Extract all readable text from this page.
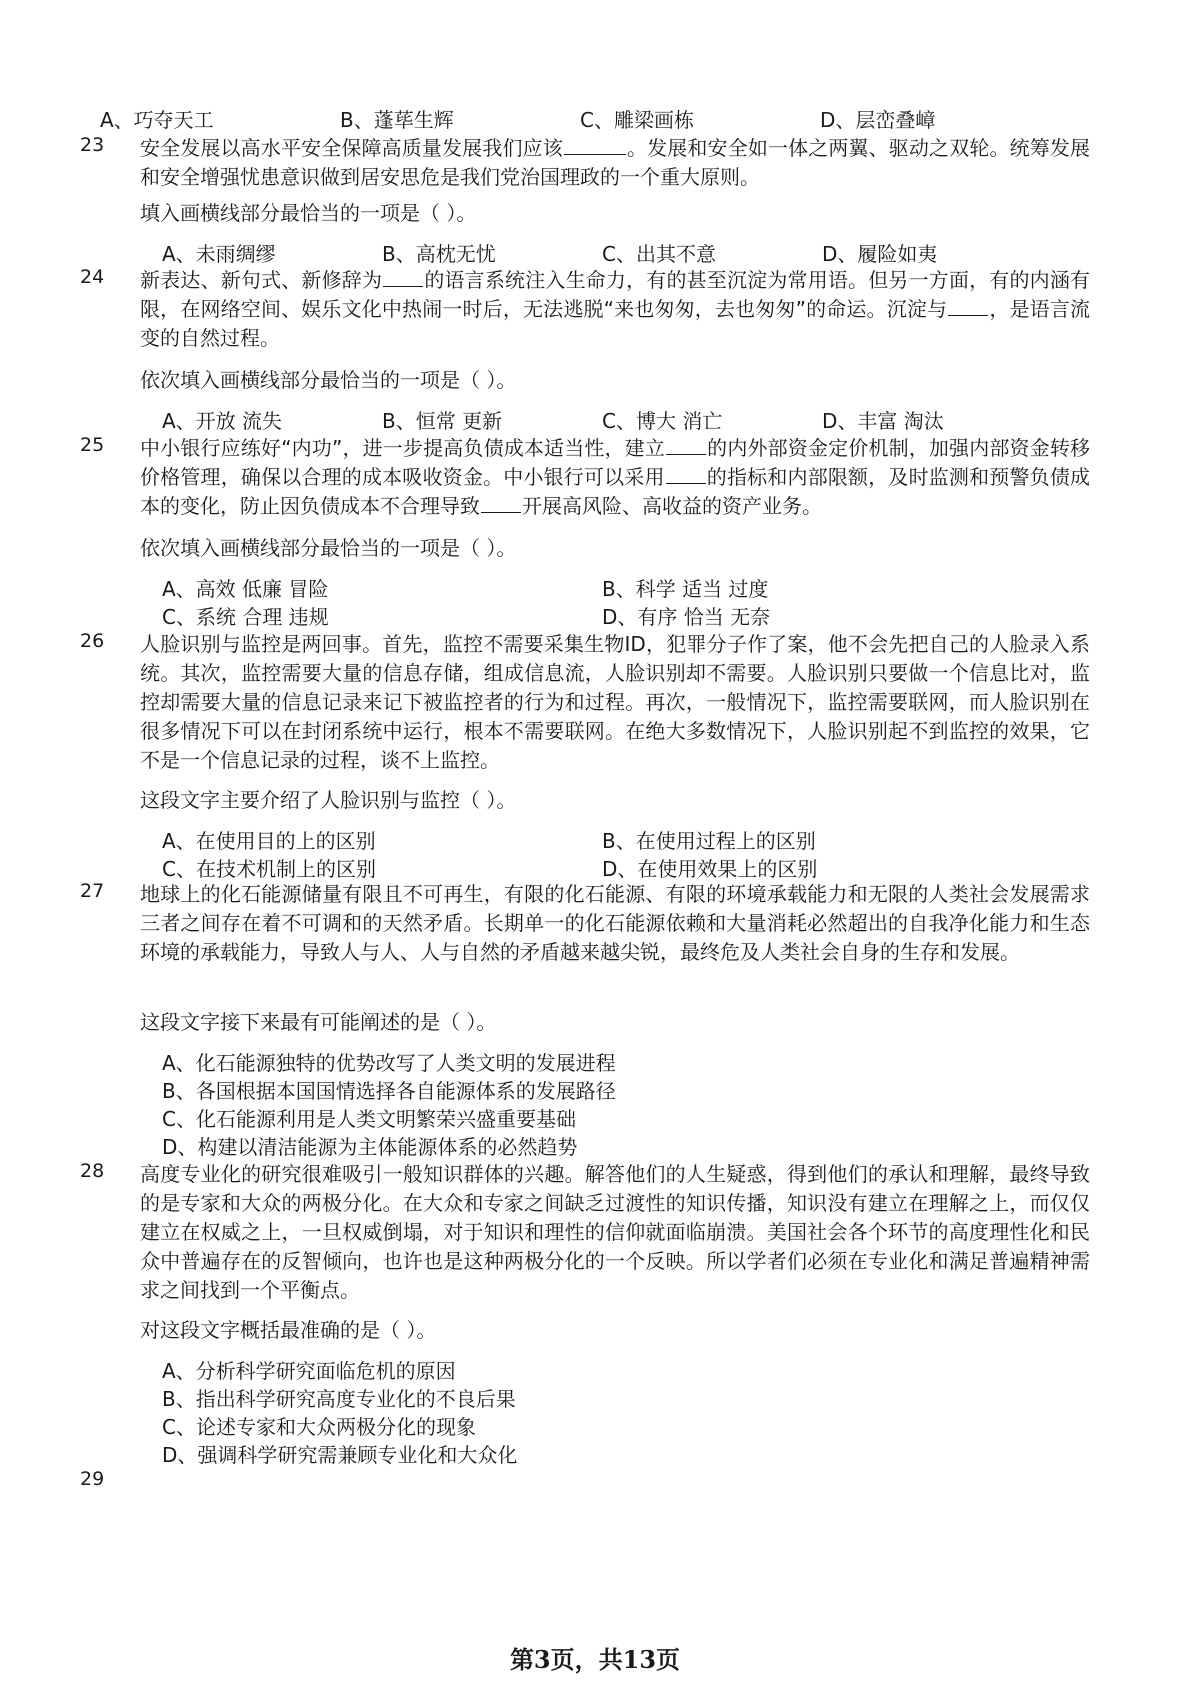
A、巧夺天工	B、蓬荜生辉	C、雕梁画栋	D、层峦叠嶂
23 安全发展以高水平安全保障高质量发展我们应该	。发展和安全如一体之两翼、驱动之双轮。统筹发展和安全增强忧患意识做到居安思危是我们党治国理政的一个重大原则。
填入画横线部分最恰当的一项是（ ）。
A、未雨绸缪	B、高枕无忧	C、出其不意	D、履险如夷
24 新表达、新句式、新修辞为 的语言系统注入生命力，有的甚至沉淀为常用语。但另一方面，有的内涵有限，在网络空间、娱乐文化中热闹一时后，无法逃脱“来也匆匆，去也匆匆”的命运。沉淀与 ，是语言流变的自然过程。
依次填入画横线部分最恰当的一项是（ ）。
A、开放 流失	B、恒常 更新	C、博大 消亡	D、丰富 淘汰
25 中小银行应练好“内功”，进一步提高负债成本适当性，建立 的内外部资金定价机制，加强内部资金转移价格管理，确保以合理的成本吸收资金。中小银行可以采用 的指标和内部限额，及时监测和预警负债成本的变化，防止因负债成本不合理导致 开展高风险、高收益的资产业务。
依次填入画横线部分最恰当的一项是（ ）。
A、高效 低廉 冒险	B、科学 适当 过度
C、系统 合理 违规	D、有序 恰当 无奈
26 人脸识别与监控是两回事。首先，监控不需要采集生物ID，犯罪分子作了案，他不会先把自己的人脸录入系统。其次，监控需要大量的信息存储，组成信息流，人脸识别却不需要。人脸识别只要做一个信息比对，监控却需要大量的信息记录来记下被监控者的行为和过程。再次，一般情况下，监控需要联网，而人脸识别在很多情况下可以在封闭系统中运行，根本不需要联网。在绝大多数情况下，人脸识别起不到监控的效果，它不是一个信息记录的过程，谈不上监控。
这段文字主要介绍了人脸识别与监控（ ）。
A、在使用目的上的区别	B、在使用过程上的区别
C、在技术机制上的区别	D、在使用效果上的区别
27 地球上的化石能源储量有限且不可再生，有限的化石能源、有限的环境承载能力和无限的人类社会发展需求三者之间存在着不可调和的天然矛盾。长期单一的化石能源依赖和大量消耗必然超出的自我净化能力和生态环境的承载能力，导致人与人、人与自然的矛盾越来越尖锐，最终危及人类社会自身的生存和发展。
这段文字接下来最有可能阐述的是（ ）。
A、化石能源独特的优势改写了人类文明的发展进程
B、各国根据本国国情选择各自能源体系的发展路径
C、化石能源利用是人类文明繁荣兴盛重要基础
D、构建以清洁能源为主体能源体系的必然趋势
28 高度专业化的研究很难吸引一般知识群体的兴趣。解答他们的人生疑惑，得到他们的承认和理解，最终导致的是专家和大众的两极分化。在大众和专家之间缺乏过渡性的知识传播，知识没有建立在理解之上，而仅仅建立在权威之上，一旦权威倒塌，对于知识和理性的信仰就面临崩溃。美国社会各个环节的高度理性化和民众中普遍存在的反智倾向，也许也是这种两极分化的一个反映。所以学者们必须在专业化和满足普遍精神需求之间找到一个平衡点。
对这段文字概括最准确的是（ ）。
A、分析科学研究面临危机的原因
B、指出科学研究高度专业化的不良后果
C、论述专家和大众两极分化的现象
D、强调科学研究需兼顾专业化和大众化
29
第3页，共13页
